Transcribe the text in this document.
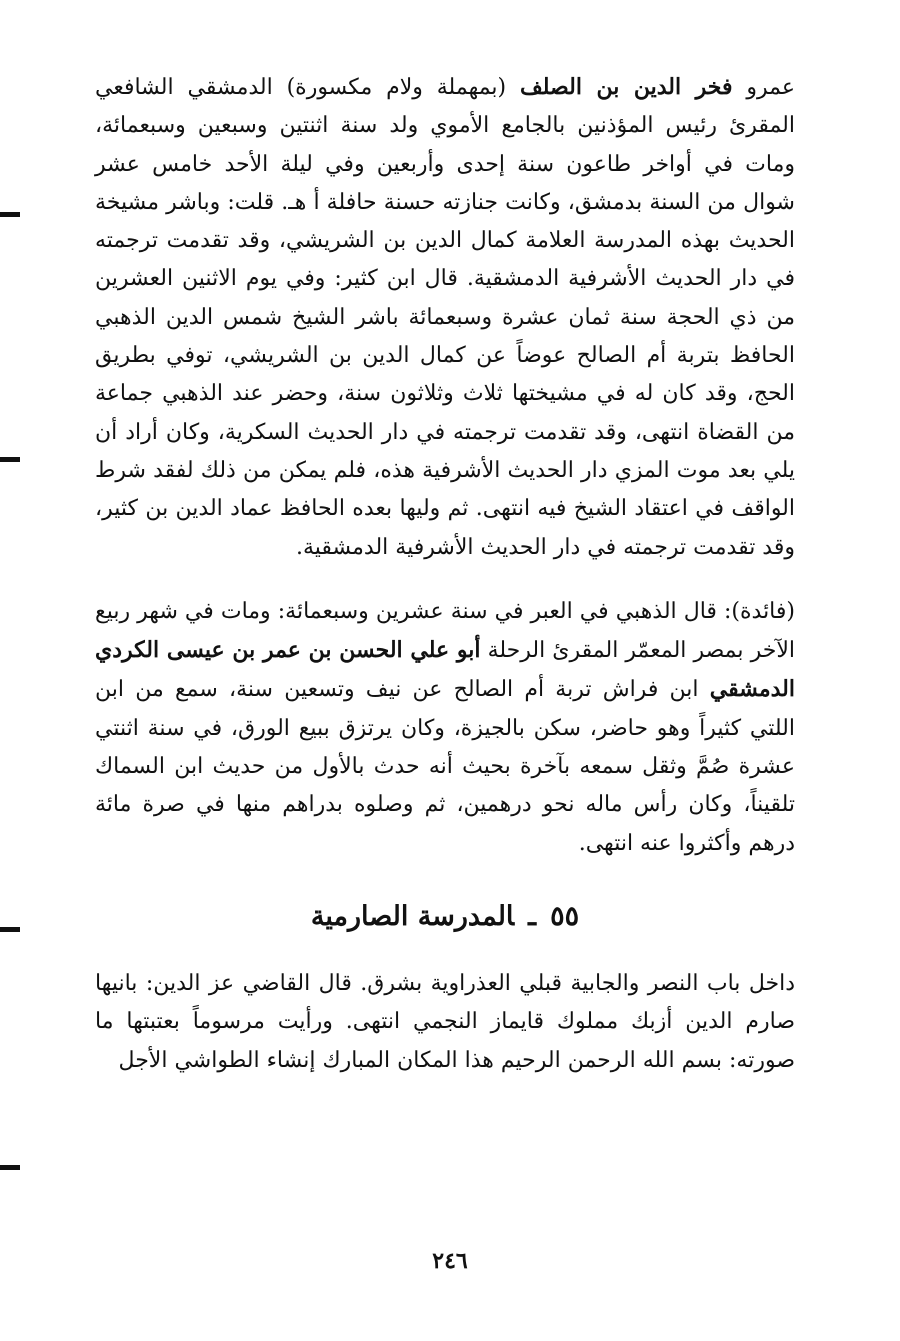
عمرو فخر الدين بن الصلف (بمهملة ولام مكسورة) الدمشقي الشافعي المقرئ رئيس المؤذنين بالجامع الأموي ولد سنة اثنتين وسبعين وسبعمائة، ومات في أواخر طاعون سنة إحدى وأربعين وفي ليلة الأحد خامس عشر شوال من السنة بدمشق، وكانت جنازته حسنة حافلة أ هـ. قلت: وباشر مشيخة الحديث بهذه المدرسة العلامة كمال الدين بن الشريشي، وقد تقدمت ترجمته في دار الحديث الأشرفية الدمشقية. قال ابن كثير: وفي يوم الاثنين العشرين من ذي الحجة سنة ثمان عشرة وسبعمائة باشر الشيخ شمس الدين الذهبي الحافظ بتربة أم الصالح عوضاً عن كمال الدين بن الشريشي، توفي بطريق الحج، وقد كان له في مشيختها ثلاث وثلاثون سنة، وحضر عند الذهبي جماعة من القضاة انتهى، وقد تقدمت ترجمته في دار الحديث السكرية، وكان أراد أن يلي بعد موت المزي دار الحديث الأشرفية هذه، فلم يمكن من ذلك لفقد شرط الواقف في اعتقاد الشيخ فيه انتهى. ثم وليها بعده الحافظ عماد الدين بن كثير، وقد تقدمت ترجمته في دار الحديث الأشرفية الدمشقية.

(فائدة): قال الذهبي في العبر في سنة عشرين وسبعمائة: ومات في شهر ربيع الآخر بمصر المعمّر المقرئ الرحلة أبو علي الحسن بن عمر بن عيسى الكردي الدمشقي ابن فراش تربة أم الصالح عن نيف وتسعين سنة، سمع من ابن اللتي كثيراً وهو حاضر، سكن بالجيزة، وكان يرتزق ببيع الورق، في سنة اثنتي عشرة صُمَّ وثقل سمعه بآخرة بحيث أنه حدث بالأول من حديث ابن السماك تلقيناً، وكان رأس ماله نحو درهمين، ثم وصلوه بدراهم منها في صرة مائة درهم وأكثروا عنه انتهى.

٥٥ـالمدرسة الصارمية

داخل باب النصر والجابية قبلي العذراوية بشرق. قال القاضي عز الدين: بانيها صارم الدين أزبك مملوك قايماز النجمي انتهى. ورأيت مرسوماً بعتبتها ما صورته: بسم الله الرحمن الرحيم هذا المكان المبارك إنشاء الطواشي الأجل

٢٤٦
